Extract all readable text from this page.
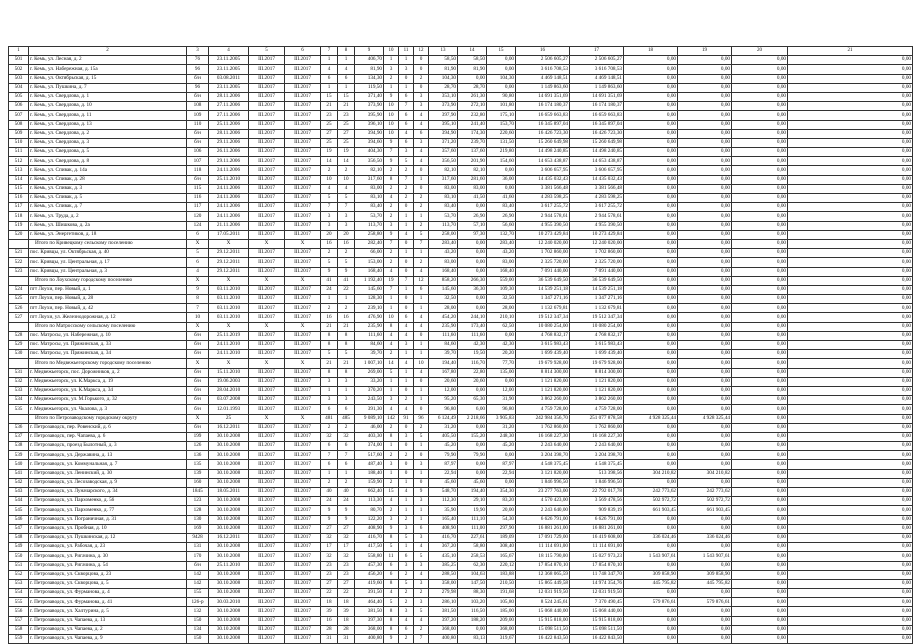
1	2	3	4	5	6	7	8	9	10	11	12	13	14	15	16	17	18	19	20	21
501	г. Кемь, ул. Лесная, д. 2	76	23.11.2005	III.2017	III.2017	1	1	406,70	1	1	0	58,50	58,50	0,00	2 506 605,27	2 506 605,27	0,00	0,00	0,00	0,00
502	г. Кемь, ул. Набережная, д. 15а	96	23.11.2005	III.2017	III.2017	4	4	81,90	3	3	0	81,90	81,90	0,00	3 616 708,53	3 616 708,53	0,00	0,00	0,00	0,00
503	г. Кемь, ул. Октябрьская, д. 15	б/н	03.08.2011	III.2017	III.2017	6	6	134,30	2	0	2	104,30	0,00	104,30	4 469 148,51	4 469 148,51	0,00	0,00	0,00	0,00
504	г. Кемь, ул. Пушкина, д. 7	96	23.11.2005	III.2017	III.2017	1	1	119,50	1	1	0	28,70	28,70	0,00	1 149 863,60	1 149 863,60	0,00	0,00	0,00	0,00
505	г. Кемь, ул. Свердлова, д. 1	б/н	28.11.2006	III.2017	III.2017	15	15	371,40	9	6	3	353,10	261,30	90,80	14 691 351,69	14 691 351,69	0,00	0,00	0,00	0,00
506	г. Кемь, ул. Свердлова, д. 10	108	27.11.2006	III.2017	III.2017	21	21	373,90	10	7	3	373,90	272,10	101,80	16 174 180,37	16 174 180,37	0,00	0,00	0,00	0,00
507	г. Кемь, ул. Свердлова, д. 11	109	27.11.2006	III.2017	III.2017	23	23	395,90	10	6	4	397,90	232,80	175,10	16 659 663,83	16 659 663,83	0,00	0,00	0,00	0,00
508	г. Кемь, ул. Свердлова, д. 13	110	25.11.2006	III.2017	III.2017	25	25	396,10	10	6	4	395,10	241,40	153,70	16 345 897,04	16 345 897,04	0,00	0,00	0,00	0,00
509	г. Кемь, ул. Свердлова, д. 2	б/н	28.11.2006	III.2017	III.2017	27	27	394,90	10	4	6	394,90	174,30	220,60	16 426 723,30	16 426 723,30	0,00	0,00	0,00	0,00
510	г. Кемь, ул. Свердлова, д. 3	б/н	29.11.2006	III.2017	III.2017	25	25	394,60	9	6	3	371,20	239,70	131,50	15 260 649,98	15 260 649,98	0,00	0,00	0,00	0,00
511	г. Кемь, ул. Свердлова, д. 5	106	26.11.2006	III.2017	III.2017	19	19	404,30	7	3	4	357,60	137,60	219,80	14 498 240,85	14 498 240,85	0,00	0,00	0,00	0,00
512	г. Кемь, ул. Свердлова, д. 8	107	29.11.2006	III.2017	III.2017	14	14	356,50	9	5	4	356,50	201,90	154,60	14 653 438,87	14 653 438,87	0,00	0,00	0,00	0,00
513	г. Кемь, ул. Спивак, д. 14а	118	24.11.2006	III.2017	III.2017	2	2	82,10	2	2	0	82,10	82,10	0,00	3 606 657,95	3 606 657,95	0,00	0,00	0,00	0,00
514	г. Кемь, ул. Спивак, д. 28	б/н	25.11.2010	III.2017	III.2017	10	10	317,60	8	7	1	317,60	281,60	36,00	14 435 032,43	14 435 032,43	0,00	0,00	0,00	0,00
515	г. Кемь, ул. Спивак, д. 3	115	24.11.2006	III.2017	III.2017	4	4	83,00	2	2	0	83,00	83,00	0,00	3 381 566,48	3 381 566,48	0,00	0,00	0,00	0,00
516	г. Кемь, ул. Спивак, д. 5	116	24.11.2006	III.2017	III.2017	5	5	83,10	4	2	2	83,10	41,50	41,60	4 283 598,25	4 283 598,25	0,00	0,00	0,00	0,00
517	г. Кемь, ул. Спивак, д. 7	117	24.11.2006	III.2017	III.2017	7	7	83,40	2	0	2	83,40	0,00	83,40	3 617 255,72	3 617 255,72	0,00	0,00	0,00	0,00
518	г. Кемь, ул. Труда, д. 2	120	24.11.2006	III.2017	III.2017	3	3	53,70	2	1	1	53,70	26,90	26,90	2 944 578,61	2 944 578,61	0,00	0,00	0,00	0,00
519	г. Кемь, ул. Шишкова, д. 2а	124	21.11.2006	III.2017	III.2017	3	3	113,70	3	1	2	113,70	57,10	56,60	4 955 390,50	4 955 390,50	0,00	0,00	0,00	0,00
520	г. Кемь, ул. Энергетиков, д. 18	6	17.05.2011	III.2017	III.2017	20	20	258,80	9	4	5	258,00	97,30	132,70	10 273 429,84	10 273 429,84	0,00	0,00	0,00	0,00
	Итого по Кривецкому сельскому поселению	X	X	X	X	16	16	282,40	7	0	7	283,40	0,00	283,40	12 240 020,00	12 240 020,00	0,00	0,00	0,00	0,00
521	пос. Кривцы, ул. Октябрьская, д. 40	5	29.12.2011	III.2017	III.2017	2	2	66,00	2	1	1	43,20	0,00	43,20	1 702 860,00	1 702 860,00	0,00	0,00	0,00	0,00
522	пос. Кривцы, ул. Центральная, д. 17	6	29.12.2011	III.2017	III.2017	5	5	153,00	2	0	2	83,00	0,00	83,00	2 325 720,00	2 325 720,00	0,00	0,00	0,00	0,00
523	пос. Кривцы, ул. Центральная, д. 3	4	29.12.2011	III.2017	III.2017	9	9	168,40	4	0	4	168,40	0,00	168,40	7 091 440,00	7 091 440,00	0,00	0,00	0,00	0,00
	Итого по Лоухскому городскому поселению	X	X	X	X	41	41	1 192,40	19	7	12	858,20	266,30	559,00	36 539 649,50	36 539 649,50	0,00	0,00	0,00	0,00
524	пгт Лоухи, пер. Новый, д. 1	9	03.11.2010	III.2017	III.2017	24	22	145,60	7	1	6	145,60	36,30	109,30	14 539 251,18	14 539 251,18	0,00	0,00	0,00	0,00
525	пгт Лоухи, пер. Новый, д. 28	8	03.11.2010	III.2017	III.2017	1	1	128,30	1	0	1	32,50	0,00	32,50	1 347 271,16	1 347 271,16	0,00	0,00	0,00	0,00
526	пгт Лоухи, пер. Новый, д. 42	7	03.11.2010	III.2017	III.2017	2	2	239,10	1	0	1	28,00	0,00	28,00	1 132 679,81	1 132 679,81	0,00	0,00	0,00	0,00
527	пгт Лоухи, ул. Железнодорожная, д. 12	10	03.11.2010	III.2017	III.2017	16	16	476,90	10	6	4	454,20	244,10	210,10	19 512 347,34	19 512 347,34	0,00	0,00	0,00	0,00
	Итого по Матросскому сельскому поселению	X	X	X	X	21	21	235,90	8	4	4	235,90	173,40	62,50	10 080 254,00	10 080 254,00	0,00	0,00	0,00	0,00
528	пос. Матросы, ул. Набережная, д. 10	б/н	25.11.2019	III.2017	III.2017	8	8	111,60	4	4	0	111,60	111,60	0,00	4 768 832,17	4 768 832,17	0,00	0,00	0,00	0,00
529	пос. Матросы, ул. Пряжинская, д. 33	б/н	24.11.2010	III.2017	III.2017	8	8	84,60	4	3	1	84,60	42,30	42,30	3 615 983,43	3 615 983,43	0,00	0,00	0,00	0,00
530	пос. Матросы, ул. Пряжинская, д. 34	б/н	24.11.2010	III.2017	III.2017	5	5	39,70	2	1	1	39,70	19,50	20,20	1 699 439,40	1 699 439,40	0,00	0,00	0,00	0,00
	Итого по Медвежьегорскому городскому поселению	X	X	X	X	21	21	1 007,10	14	4	10	194,40	116,70	77,70	19 679 928,00	19 679 928,00	0,00	0,00	0,00	0,00
531	г. Медвежьегорск, пос. Дорожников, д. 2	б/н	15.11.2010	III.2017	III.2017	8	8	269,00	5	1	4	167,80	22,80	135,00	8 814 300,00	8 814 300,00	0,00	0,00	0,00	0,00
532	г. Медвежьегорск, ул. К.Маркса, д. 19	б/н	19.06.2003	III.2017	III.2017	3	3	33,20	1	1	0	20,60	20,60	0,00	1 121 820,00	1 121 820,00	0,00	0,00	0,00	0,00
533	г. Медвежьегорск, ул. К.Маркса, д. 34	б/н	28.04.2010	III.2017	III.2017	1	1	370,20	1	0	1	12,00	0,00	12,00	1 121 820,00	1 121 820,00	0,00	0,00	0,00	0,00
534	г. Медвежьегорск, ул. М.Горького, д. 32	б/н	03.07.2008	III.2017	III.2017	3	3	243,50	3	2	1	95,20	65,30	31,90	3 862 260,00	3 862 260,00	0,00	0,00	0,00	0,00
535	г. Медвежьегорск, ул. Чкалова, д. 3	б/н	12.01.1993	III.2017	III.2017	6	6	391,30	4	4	0	96,80	6,00	96,80	4 759 728,00	4 759 728,00	0,00	0,00	0,00	0,00
	Итого по Петрозаводскому городскому округу	X	25	X	X	481	485	9 089,10	142	91	96	6 124,49	2 218,66	3 905,83	242 984 356,70	251 077 878,58	4 928 325,44	4 928 325,44	0,00	0,00
536	г. Петрозаводск, пер. Ровенский, д. 6	б/н	16.12.2011	III.2017	III.2017	2	2	46,00	2	0	2	31,20	0,00	31,20	1 762 860,00	1 762 860,00	0,00	0,00	0,00	0,00
537	г. Петрозаводск, пер. Чапаева, д. 6	199	30.10.2008	III.2017	III.2017	32	32	403,30	8	3	5	405,50	155,20	248,30	16 168 227,30	16 168 227,30	0,00	0,00	0,00	0,00
538	г. Петрозаводск, проезд Былотный, д. 3	126	30.10.2008	III.2017	III.2017	6	6	374,00	1	0	1	45,20	0,00	45,20	2 243 640,00	2 243 640,00	0,00	0,00	0,00	0,00
539	г. Петрозаводск, ул. Державина, д. 13	136	30.10.2008	III.2017	III.2017	7	7	517,60	2	2	0	79,90	79,90	0,00	3 204 398,70	3 204 398,70	0,00	0,00	0,00	0,00
540	г. Петрозаводск, ул. Коммунальная, д. 7	135	30.10.2008	III.2017	III.2017	6	6	487,40	3	0	3	87,97	0,00	87,97	4 548 375,45	4 548 375,45	0,00	0,00	0,00	0,00
541	г. Петрозаводск, ул. Ленинский, д. 30	139	30.10.2008	III.2017	III.2017	1	1	188,40	1	0	1	22,94	0,00	22,94	3 121 820,00	513 398,56	304 210,82	304 210,82	0,00	0,00
542	г. Петрозаводск, ул. Лесозаводская, д. 9	160	30.10.2008	III.2017	III.2017	2	2	159,90	2	1	0	45,60	45,60	0,00	1 846 996,50	1 846 996,50	0,00	0,00	0,00	0,00
543	г. Петрозаводск, ул. Луначарского, д. 34	1845	18.05.2011	III.2017	III.2017	40	40	662,40	15	4	9	548,70	194,40	354,30	23 277 763,00	22 792 017,78	242 773,62	242 773,62	0,00	0,00
544	г. Петрозаводск, ул. Пархоменко, д. 56	123	30.10.2008	III.2017	III.2017	24	24	113,30	4	1	3	112,30	29,10	83,20	4 570 423,00	3 569 478,56	502 972,72	502 972,72	0,00	0,00
545	г. Петрозаводск, ул. Пархоменко, д. 77	128	30.10.2008	III.2017	III.2017	9	9	80,70	2	1	1	35,90	19,90	20,00	2 243 640,00	909 839,19	661 903,45	661 903,45	0,00	0,00
546	г. Петрозаводск, ул. Пограничная, д. 31	130	30.10.2008	III.2017	III.2017	9	9	122,20	3	2	1	165,40	111,10	54,30	6 626 791,00	6 626 791,00	0,00	0,00	0,00	0,00
547	г. Петрозаводск, ул. Пробная, д. 10	169	30.10.2008	III.2017	III.2017	27	27	408,90	9	3	6	408,90	111,00	297,90	16 881 261,00	16 881 261,00	0,00	0,00	0,00	0,00
548	г. Петрозаводск, ул. Пушкинская, д. 12	9428	16.12.2011	III.2017	III.2017	32	32	416,70	8	5	3	416,70	227,61	189,09	17 091 729,00	16 419 608,00	336 024,46	336 024,46	0,00	0,00
549	г. Петрозаводск, ул. Рабочая, д. 23	131	30.10.2008	III.2017	III.2017	17	17	417,50	5	1	4	367,20	58,80	308,40	11 114 691,00	11 114 691,00	0,00	0,00	0,00	0,00
550	г. Петрозаводск, ул. Ригачина, д. 30	170	30.10.2008	III.2017	III.2017	32	32	558,80	11	6	5	435,10	258,53	165,67	18 115 790,00	15 027 973,23	1 543 907,61	1 543 907,61	0,00	0,00
551	г. Петрозаводск, ул. Ригачина, д. 54	б/н	25.11.2010	III.2017	III.2017	23	23	457,30	6	3	3	385,25	62,30	220,12	17 854 870,10	17 854 870,10	0,00	0,00	0,00	0,00
552	г. Петрозаводск, ул. Скворцова, д. 23	142	30.10.2008	III.2017	III.2017	23	23	456,20	6	2	4	288,50	104,63	183,88	12 368 065,59	11 748 347,70	309 858,90	309 858,90	0,00	0,00
553	г. Петрозаводск, ул. Скворцова, д. 5	142	30.10.2008	III.2017	III.2017	27	27	419,60	8	5	3	358,00	147,50	210,50	15 865 449,58	14 974 354,76	445 795,82	445 795,82	0,00	0,00
554	г. Петрозаводск, ул. Фурманова, д. 4	155	30.10.2008	III.2017	III.2017	22	22	391,50	4	2	2	279,98	88,30	191,68	12 031 919,50	12 031 919,50	0,00	0,00	0,00	0,00
555	г. Петрозаводск, ул. Фурманова, д. 41	126-р	30.03.2010	III.2017	III.2017	18	18	464,40	5	2	3	286,10	103,20	105,80	8 524 245,61	7 370 490,45	579 876,61	579 876,61	0,00	0,00
556	г. Петрозаводск, ул. Халтурина, д. 5	132	30.10.2008	III.2017	III.2017	39	39	381,50	8	3	5	381,50	116,50	185,00	15 068 440,00	15 068 440,00	0,00	0,00	0,00	0,00
557	г. Петрозаводск, ул. Чапаева, д. 13	150	30.10.2008	III.2017	III.2017	16	18	397,30	8	4	4	397,20	188,20	209,00	15 915 818,00	15 915 818,00	0,00	0,00	0,00	0,00
558	г. Петрозаводск, ул. Чапаева, д. 2	134	30.10.2008	III.2017	III.2017	28	28	368,00	8	6	2	368,00	0,00	368,00	15 098 511,50	15 098 511,50	0,00	0,00	0,00	0,00
559	г. Петрозаводск, ул. Чапаева, д. 9	150	30.10.2008	III.2017	III.2017	31	31	400,80	9	2	7	400,80	83,13	319,67	16 422 843,50	16 422 843,50	0,00	0,00	0,00	0,00
